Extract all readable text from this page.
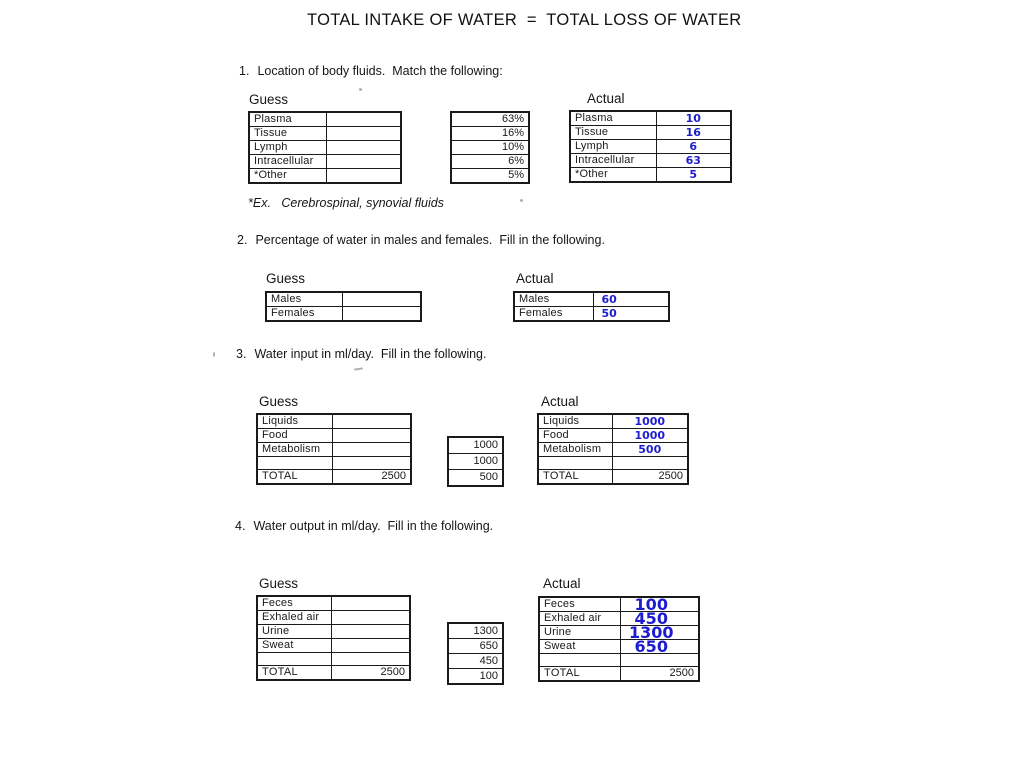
TOTAL INTAKE OF WATER  =  TOTAL LOSS OF WATER
1. Location of body fluids.  Match the following:
Guess	Actual
Plasma	
Tissue	
Lymph	
Intracellular	
*Other	
63%
16%
10%
6%
5%
Plasma	10
Tissue	16
Lymph	6
Intracellular	63
*Other	5
*Ex.   Cerebrospinal, synovial fluids
2. Percentage of water in males and females.  Fill in the following.
Guess	Actual
Males	
Females	
Males	60
Females	50
3. Water input in ml/day.  Fill in the following.
Guess	Actual
Liquids	
Food	
Metabolism	

TOTAL	2500
1000
1000
500
Liquids	1000
Food	1000
Metabolism	500

TOTAL	2500
4. Water output in ml/day.  Fill in the following.
Guess	Actual
Feces	
Exhaled air	
Urine	
Sweat	

TOTAL	2500
1300
650
450
100
Feces	100
Exhaled air	450
Urine	1300
Sweat	650

TOTAL	2500
